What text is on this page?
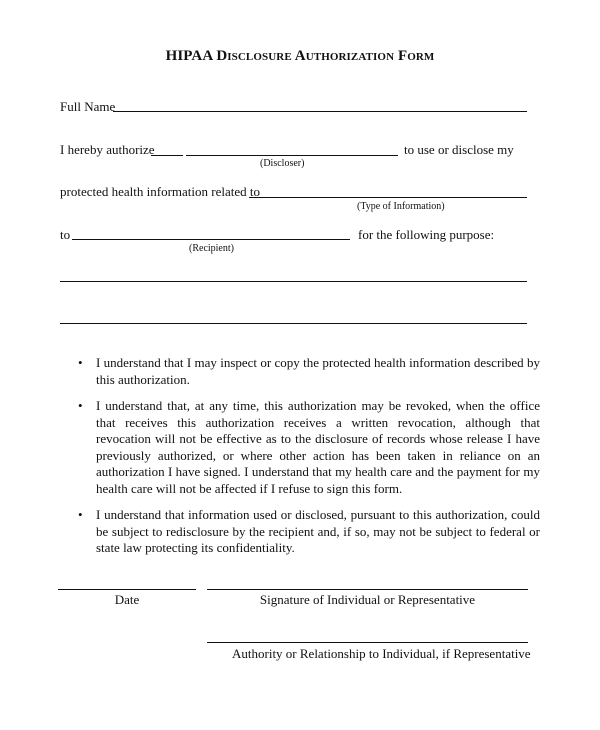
HIPAA Disclosure Authorization Form
Full Name
I hereby authorize	to use or disclose my
(Discloser)
protected health information related to
(Type of Information)
to	for the following purpose:
(Recipient)
•	I understand that I may inspect or copy the protected health information described by this authorization.
•	I understand that, at any time, this authorization may be revoked, when the office that receives this authorization receives a written revocation, although that revocation will not be effective as to the disclosure of records whose release I have previously authorized, or where other action has been taken in reliance on an authorization I have signed. I understand that my health care and the payment for my health care will not be affected if I refuse to sign this form.
•	I understand that information used or disclosed, pursuant to this authorization, could be subject to redisclosure by the recipient and, if so, may not be subject to federal or state law protecting its confidentiality.
Date	Signature of Individual or Representative
Authority or Relationship to Individual, if Representative
